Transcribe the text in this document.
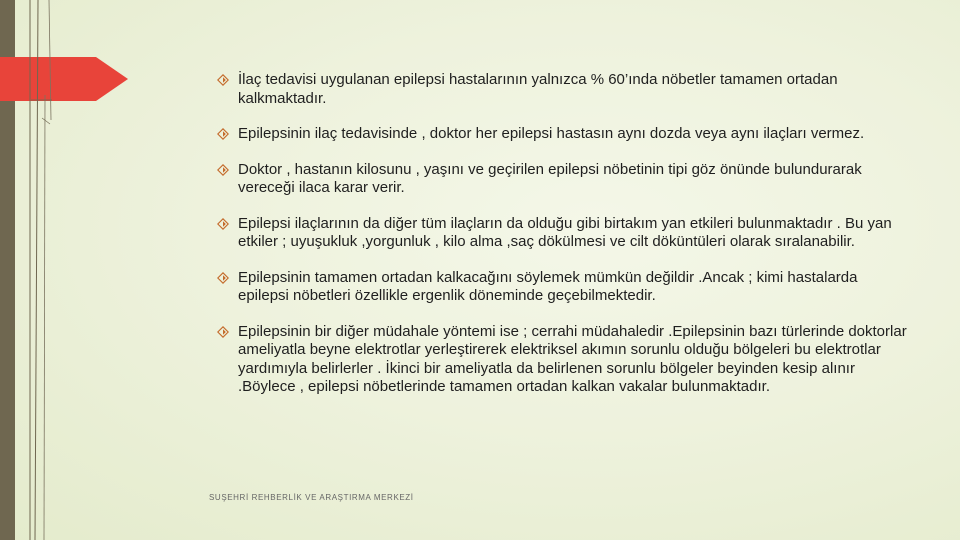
İlaç tedavisi uygulanan epilepsi hastalarının yalnızca % 60’ında nöbetler tamamen ortadan kalkmaktadır.
Epilepsinin ilaç tedavisinde , doktor her epilepsi hastasın aynı dozda veya aynı ilaçları vermez.
Doktor , hastanın kilosunu , yaşını ve geçirilen epilepsi nöbetinin tipi göz önünde bulundurarak vereceği ilaca karar verir.
Epilepsi ilaçlarının da diğer tüm ilaçların da olduğu gibi birtakım yan etkileri bulunmaktadır . Bu yan etkiler ; uyuşukluk ,yorgunluk , kilo alma ,saç dökülmesi ve cilt döküntüleri olarak sıralanabilir.
Epilepsinin tamamen ortadan kalkacağını söylemek mümkün değildir .Ancak ; kimi hastalarda epilepsi nöbetleri özellikle ergenlik döneminde geçebilmektedir.
Epilepsinin bir diğer müdahale yöntemi ise ; cerrahi müdahaledir .Epilepsinin bazı türlerinde doktorlar ameliyatla beyne elektrotlar yerleştirerek elektriksel akımın sorunlu olduğu bölgeleri bu elektrotlar yardımıyla belirlerler . İkinci bir ameliyatla da belirlenen sorunlu bölgeler beyinden kesip alınır .Böylece , epilepsi nöbetlerinde tamamen ortadan kalkan vakalar bulunmaktadır.
SUŞEHRİ REHBERLİK VE ARAŞTIRMA MERKEZİ
